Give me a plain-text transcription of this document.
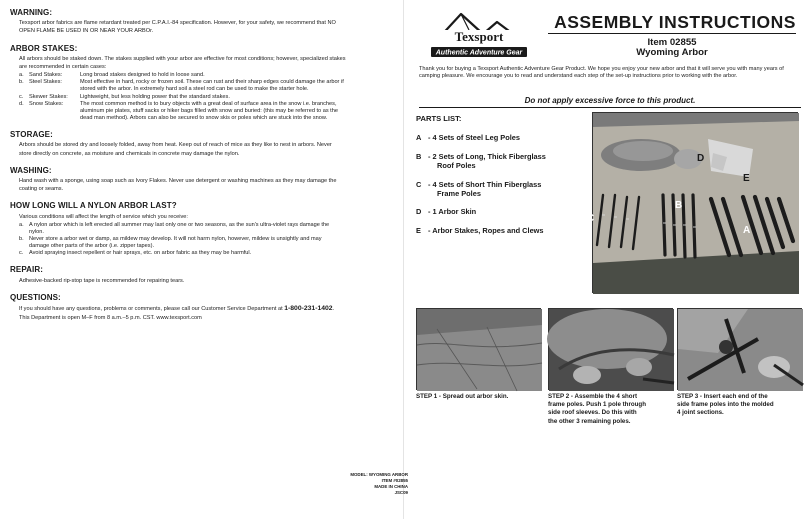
WARNING:

Texsport arbor fabrics are flame retardant treated per C.P.A.I.-84 specification. However, for your safety, we recommend that NO

OPEN FLAME BE USED IN OR NEAR YOUR ARBOr.

ARBOR STAKES:

All arbors should be staked down. The stakes supplied with your arbor are effective for most conditions; however, specialized stakes

are recommended in certain cases:

a. Sand Stakes:	Long broad stakes designed to hold in loose sand.
b. Steel Stakes:	Most effective in hard, rocky or frozen soil. These can rust and their sharp edges could damage the arbor if
stored with the arbor. In extremely hard soil a steel rod can be used to make the starter hole.
c.	Skewer Stakes:	Lightweight, but less holding power that the standard stakes.
d. Snow Stakes:	The most common method is to bury objects with a great deal of surface area in the snow i.e. branches,
aluminum pie plates, stuff sacks or hiker bags filled with snow and buried: (this may be referred to as the
dead man method). Arbors can also be secured to snow skis or poles which are stuck into the snow.
STORAGE:

Arbors should be stored dry and loosely folded, away from heat. Keep out of reach of mice as they like to nest in arbors. Never

store directly on concrete, as moisture and chemicals in concrete may damage the nylon.

WASHING:

Hand wash with a sponge, using soap such as Ivory Flakes. Never use detergent or washing machines as they may damage the

coating or seams.

HOW LONG WILL A NYLON ARBOR LAST?

Various conditions will affect the length of service which you receive:

a. A nylon arbor which is left erected all summer may last only one or two seasons, as the sun's ultra-violet rays damage the
nylon.
b. Never store a arbor wet or damp, as mildew may develop. It will not harm nylon, however, mildew is unsightly and may
damage other parts of the arbor (i.e. zipper tapes).
c.	Avoid spraying insect repellent or hair sprays, etc. on arbor fabric as they may be harmful.
REPAIR:

Adhesive-backed rip-stop tape is recommended for repairing tears.

QUESTIONS:

If you should have any questions, problems or comments, please call our Customer Service Department at 1-800-231-1402.

This Department is open M–F from 8 a.m.–5 p.m. CST. www.texsport.com

MODEL: WYOMING ARBOR
ITEM #02855
MADE IN CHINA
JSC09
Texsport
Authentic Adventure Gear
ASSEMBLY INSTRUCTIONS
Item 02855
Wyoming Arbor
Thank you for buying a Texsport Authentic Adventure Gear Product. We hope you enjoy your new arbor and that it will serve you with many years of camping pleasure. We encourage you to read and understand each step of the set-up instructions prior to working with the arbor.
Do not apply excessive force to this product.
PARTS LIST:
A - 4 Sets of Steel Leg Poles
B - 2 Sets of Long, Thick Fiberglass
Roof Poles
C - 4 Sets of Short Thin Fiberglass
Frame Poles
D - 1 Arbor Skin
E - Arbor Stakes, Ropes and Clews	A
B
C
D
E
STEP 1 - Spread out arbor skin.	STEP 2 - Assemble the 4 short
frame poles. Push 1 pole through
side roof sleeves. Do this with
the other 3 remaining poles.
STEP 3 - Insert each end of the
side frame poles into the molded
4 joint sections.
